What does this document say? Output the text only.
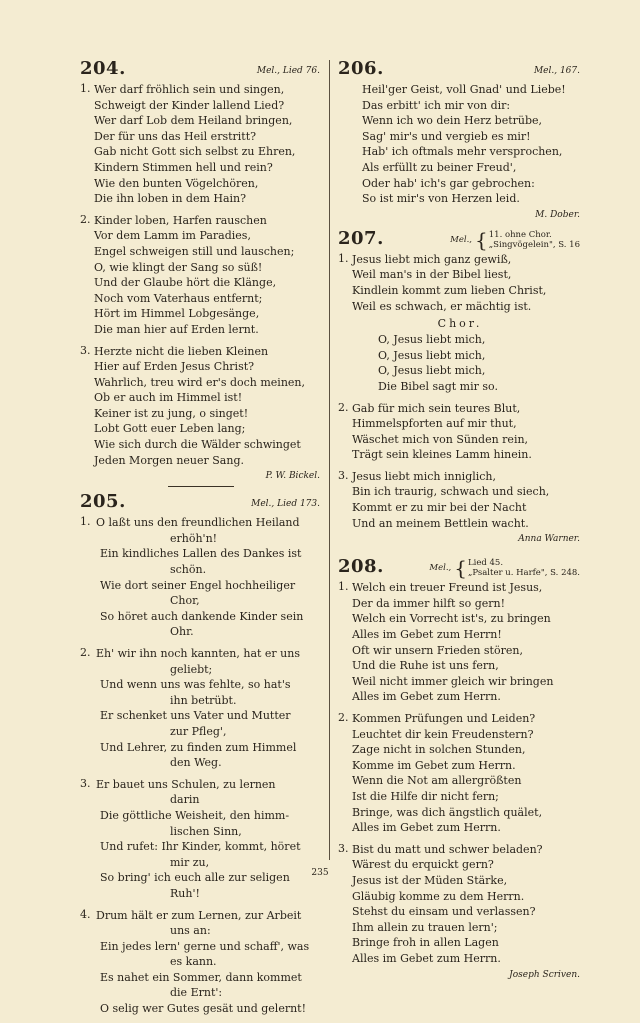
204.	Mel., Lied 76.
1. Wer darf fröhlich sein und singen,
Schweigt der Kinder lallend Lied?
Wer darf Lob dem Heiland bringen,
Der für uns das Heil erstritt?
Gab nicht Gott sich selbst zu Ehren,
Kindern Stimmen hell und rein?
Wie den bunten Vögelchören,
Die ihn loben in dem Hain?
2. Kinder loben, Harfen rauschen
Vor dem Lamm im Paradies,
Engel schweigen still und lauschen;
O, wie klingt der Sang so süß!
Und der Glaube hört die Klänge,
Noch vom Vaterhaus entfernt;
Hört im Himmel Lobgesänge,
Die man hier auf Erden lernt.
3. Herzte nicht die lieben Kleinen
Hier auf Erden Jesus Christ?
Wahrlich, treu wird er's doch meinen,
Ob er auch im Himmel ist!
Keiner ist zu jung, o singet!
Lobt Gott euer Leben lang;
Wie sich durch die Wälder schwinget
Jeden Morgen neuer Sang.
P. W. Bickel.
205.	Mel., Lied 173.
1. O laßt uns den freundlichen Heiland
erhöh'n!
Ein kindliches Lallen des Dankes ist
schön.
Wie dort seiner Engel hochheiliger
Chor,
So höret auch dankende Kinder sein
Ohr.
2. Eh' wir ihn noch kannten, hat er uns
geliebt;
Und wenn uns was fehlte, so hat's
ihn betrübt.
Er schenket uns Vater und Mutter
zur Pfleg',
Und Lehrer, zu finden zum Himmel
den Weg.
3. Er bauet uns Schulen, zu lernen
darin
Die göttliche Weisheit, den himm-
lischen Sinn,
Und rufet: Ihr Kinder, kommt, höret
mir zu,
So bring' ich euch alle zur seligen
Ruh'!
4. Drum hält er zum Lernen, zur Arbeit
uns an:
Ein jedes lern' gerne und schaff', was
es kann.
Es nahet ein Sommer, dann kommet
die Ernt':
O selig wer Gutes gesät und gelernt!
206.	Mel., 167.
Heil'ger Geist, voll Gnad' und Liebe!
Das erbitt' ich mir von dir:
Wenn ich wo dein Herz betrübe,
Sag' mir's und vergieb es mir!
Hab' ich oftmals mehr versprochen,
Als erfüllt zu beiner Freud',
Oder hab' ich's gar gebrochen:
So ist mir's von Herzen leid.
M. Dober.
207.	Mel., { 11. ohne Chor.
„Singvögelein", S. 16
1. Jesus liebt mich ganz gewiß,
Weil man's in der Bibel liest,
Kindlein kommt zum lieben Christ,
Weil es schwach, er mächtig ist.
Chor.
O, Jesus liebt mich,
O, Jesus liebt mich,
O, Jesus liebt mich,
Die Bibel sagt mir so.
2. Gab für mich sein teures Blut,
Himmelspforten auf mir thut,
Wäschet mich von Sünden rein,
Trägt sein kleines Lamm hinein.
3. Jesus liebt mich inniglich,
Bin ich traurig, schwach und siech,
Kommt er zu mir bei der Nacht
Und an meinem Bettlein wacht.
Anna Warner.
208.	Mel., { Lied 45.
„Psalter u. Harfe", S. 248.
1. Welch ein treuer Freund ist Jesus,
Der da immer hilft so gern!
Welch ein Vorrecht ist's, zu bringen
Alles im Gebet zum Herrn!
Oft wir unsern Frieden stören,
Und die Ruhe ist uns fern,
Weil nicht immer gleich wir bringen
Alles im Gebet zum Herrn.
2. Kommen Prüfungen und Leiden?
Leuchtet dir kein Freudenstern?
Zage nicht in solchen Stunden,
Komme im Gebet zum Herrn.
Wenn die Not am allergrößten
Ist die Hilfe dir nicht fern;
Bringe, was dich ängstlich quälet,
Alles im Gebet zum Herrn.
3. Bist du matt und schwer beladen?
Wärest du erquickt gern?
Jesus ist der Müden Stärke,
Gläubig komme zu dem Herrn.
Stehst du einsam und verlassen?
Ihm allein zu trauen lern';
Bringe froh in allen Lagen
Alles im Gebet zum Herrn.
Joseph Scriven.
235
